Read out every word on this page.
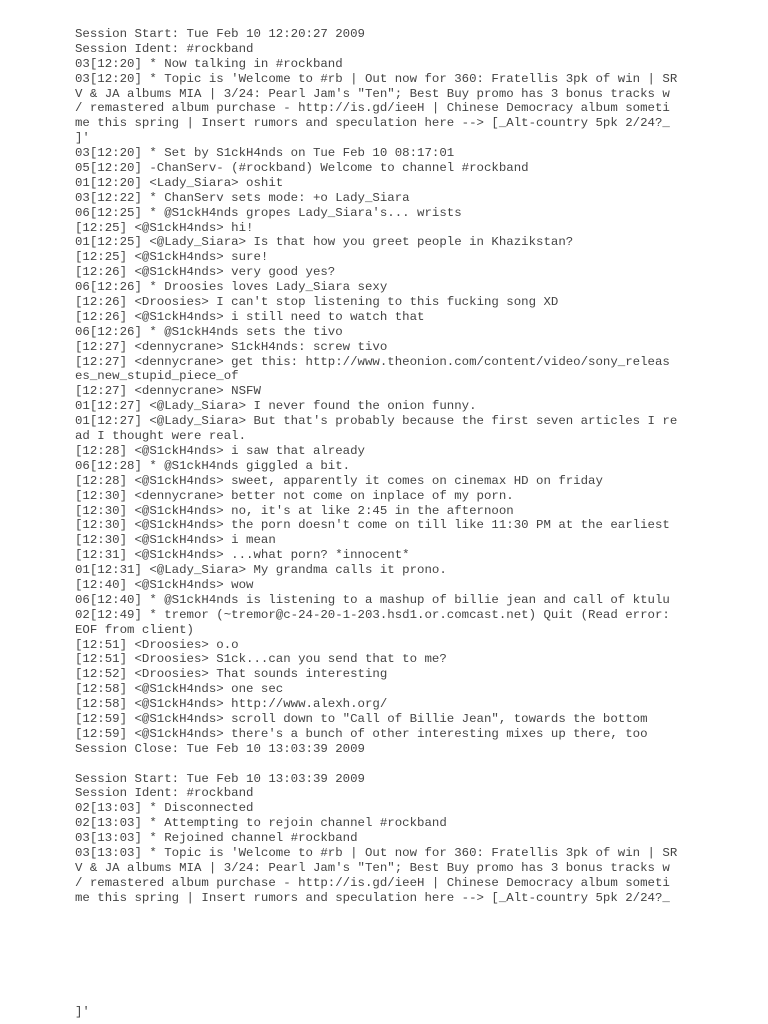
Session Start: Tue Feb 10 12:20:27 2009
Session Ident: #rockband
03[12:20] * Now talking in #rockband
03[12:20] * Topic is 'Welcome to #rb | Out now for 360: Fratellis 3pk of win | SR
V & JA albums MIA | 3/24: Pearl Jam's "Ten"; Best Buy promo has 3 bonus tracks w
/ remastered album purchase - http://is.gd/ieeH | Chinese Democracy album someti
me this spring | Insert rumors and speculation here --> [_Alt-country 5pk 2/24?_
]'
03[12:20] * Set by S1ckH4nds on Tue Feb 10 08:17:01
05[12:20] -ChanServ- (#rockband) Welcome to channel #rockband
01[12:20] <Lady_Siara> oshit
03[12:22] * ChanServ sets mode: +o Lady_Siara
06[12:25] * @S1ckH4nds gropes Lady_Siara's... wrists
[12:25] <@S1ckH4nds> hi!
01[12:25] <@Lady_Siara> Is that how you greet people in Khazikstan?
[12:25] <@S1ckH4nds> sure!
[12:26] <@S1ckH4nds> very good yes?
06[12:26] * Droosies loves Lady_Siara sexy
[12:26] <Droosies> I can't stop listening to this fucking song XD
[12:26] <@S1ckH4nds> i still need to watch that
06[12:26] * @S1ckH4nds sets the tivo
[12:27] <dennycrane> S1ckH4nds: screw tivo
[12:27] <dennycrane> get this: http://www.theonion.com/content/video/sony_releas
es_new_stupid_piece_of
[12:27] <dennycrane> NSFW
01[12:27] <@Lady_Siara> I never found the onion funny.
01[12:27] <@Lady_Siara> But that's probably because the first seven articles I re
ad I thought were real.
[12:28] <@S1ckH4nds> i saw that already
06[12:28] * @S1ckH4nds giggled a bit.
[12:28] <@S1ckH4nds> sweet, apparently it comes on cinemax HD on friday
[12:30] <dennycrane> better not come on inplace of my porn.
[12:30] <@S1ckH4nds> no, it's at like 2:45 in the afternoon
[12:30] <@S1ckH4nds> the porn doesn't come on till like 11:30 PM at the earliest
[12:30] <@S1ckH4nds> i mean
[12:31] <@S1ckH4nds> ...what porn? *innocent*
01[12:31] <@Lady_Siara> My grandma calls it prono.
[12:40] <@S1ckH4nds> wow
06[12:40] * @S1ckH4nds is listening to a mashup of billie jean and call of ktulu
02[12:49] * tremor (~tremor@c-24-20-1-203.hsd1.or.comcast.net) Quit (Read error:
EOF from client)
[12:51] <Droosies> o.o
[12:51] <Droosies> S1ck...can you send that to me?
[12:52] <Droosies> That sounds interesting
[12:58] <@S1ckH4nds> one sec
[12:58] <@S1ckH4nds> http://www.alexh.org/
[12:59] <@S1ckH4nds> scroll down to "Call of Billie Jean", towards the bottom
[12:59] <@S1ckH4nds> there's a bunch of other interesting mixes up there, too
Session Close: Tue Feb 10 13:03:39 2009
Session Start: Tue Feb 10 13:03:39 2009
Session Ident: #rockband
02[13:03] * Disconnected
02[13:03] * Attempting to rejoin channel #rockband
03[13:03] * Rejoined channel #rockband
03[13:03] * Topic is 'Welcome to #rb | Out now for 360: Fratellis 3pk of win | SR
V & JA albums MIA | 3/24: Pearl Jam's "Ten"; Best Buy promo has 3 bonus tracks w
/ remastered album purchase - http://is.gd/ieeH | Chinese Democracy album someti
me this spring | Insert rumors and speculation here --> [_Alt-country 5pk 2/24?_
]'
